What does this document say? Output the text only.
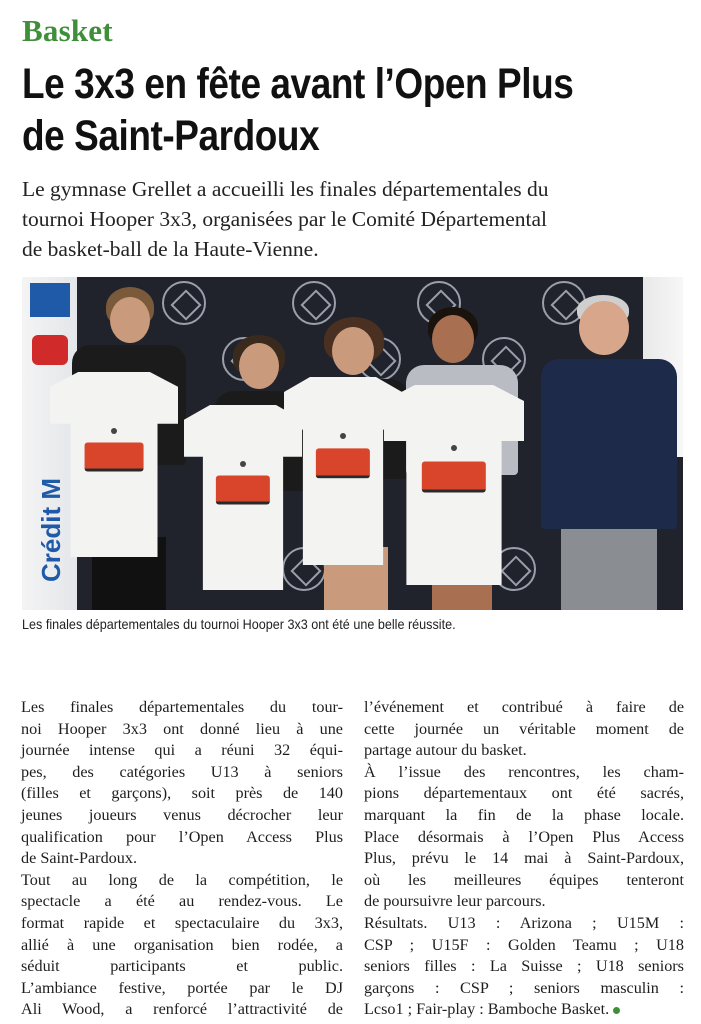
Basket
Le 3x3 en fête avant l’Open Plus
de Saint-Pardoux

Le gymnase Grellet a accueilli les finales départementales du
tournoi Hooper 3x3, organisées par le Comité Départemental
de basket-ball de la Haute-Vienne.

Crédit M
Les finales départementales du tournoi Hooper 3x3 ont été une belle réussite.
Les finales départementales du tour-
noi Hooper 3x3 ont donné lieu à une
journée intense qui a réuni 32 équi-
pes, des catégories U13 à seniors
(filles et garçons), soit près de 140
jeunes joueurs venus décrocher leur
qualification pour l’Open Access Plus
de Saint-Pardoux.
Tout au long de la compétition, le
spectacle a été au rendez-vous. Le
format rapide et spectaculaire du 3x3,
allié à une organisation bien rodée, a
séduit participants et public.
L’ambiance festive, portée par le DJ
Ali Wood, a renforcé l’attractivité de
l’événement et contribué à faire de
cette journée un véritable moment de
partage autour du basket.
À l’issue des rencontres, les cham-
pions départementaux ont été sacrés,
marquant la fin de la phase locale.
Place désormais à l’Open Plus Access
Plus, prévu le 14 mai à Saint-Pardoux,
où les meilleures équipes tenteront
de poursuivre leur parcours.
Résultats. U13 : Arizona ; U15M :
CSP ; U15F : Golden Teamu ; U18
seniors filles : La Suisse ; U18 seniors
garçons : CSP ; seniors masculin :
Lcso1 ; Fair-play : Bamboche Basket.
